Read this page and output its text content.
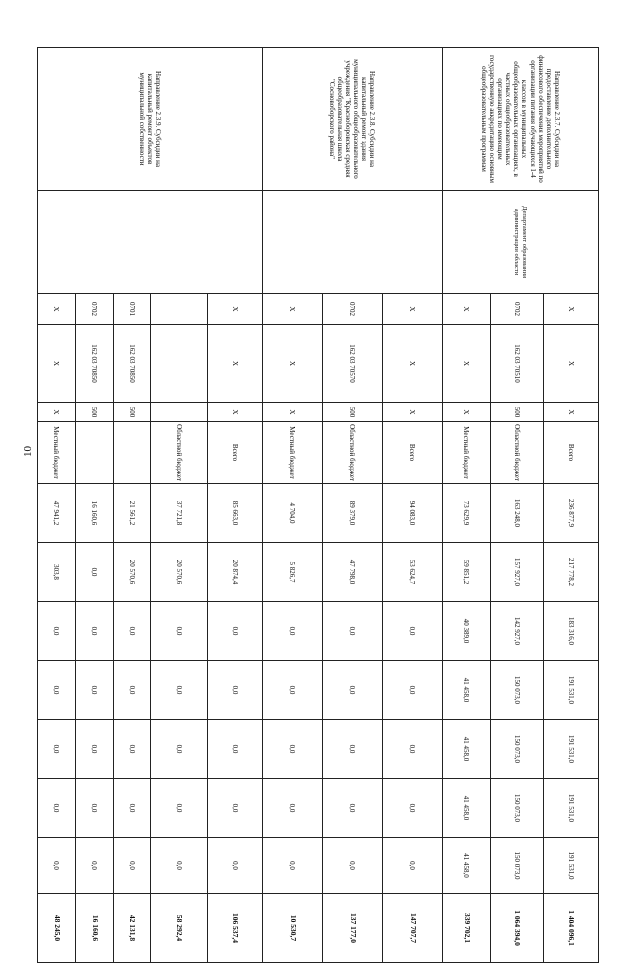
10
Направление 2.3.7. Субсидии на предоставление дополнительного финансового обеспечения мероприятий по организации питания обучающихся 1-4 классов в муниципальных общеобразовательных организациях, в частных общеобразовательных организациях по имеющим государственную аккредитацию основным общеобразовательным программам	Департамент образования администрации области	X	X	X	Всего	236 877,9	217 778,2	183 316,0	191 531,0	191 531,0	191 531,0	191 531,0	1 404 096,1
		0702	162 03 70510	500	Областной бюджет	163 248,0	157 927,0	142 927,0	150 073,0	150 073,0	150 073,0	150 073,0	1 064 394,0
		X	X	X	Местный бюджет	73 629,9	59 851,2	40 389,0	41 458,0	41 458,0	41 458,0	41 458,0	339 702,1
Направление 2.3.8. Субсидии на капитальный ремонт здания муниципального общеобразовательного учреждения "Красноборовская средняя общеобразовательная школа "Сосновоборского района"		X	X	X	Всего	94 083,0	53 624,7	0,0	0,0	0,0	0,0	0,0	147 707,7
		0702	162 03 70570	500	Областной бюджет	89 379,0	47 798,0	0,0	0,0	0,0	0,0	0,0	137 177,0
		X	X	X	Местный бюджет	4 704,0	5 826,7	0,0	0,0	0,0	0,0	0,0	10 530,7
Направление 2.3.9. Субсидии на капитальный ремонт объектов муниципальной собственности		X	X	X	Всего	85 663,0	20 874,4	0,0	0,0	0,0	0,0	0,0	106 537,4
					Областной бюджет	37 721,8	20 570,6	0,0	0,0	0,0	0,0	0,0	58 292,4
		0701	162 03 70850	500		21 561,2	20 570,6	0,0	0,0	0,0	0,0	0,0	42 131,8
		0702	162 03 70850	500		16 160,6	0,0	0,0	0,0	0,0	0,0	0,0	16 160,6
		X	X	X	Местный бюджет	47 941,2	303,8	0,0	0,0	0,0	0,0	0,0	48 245,0
